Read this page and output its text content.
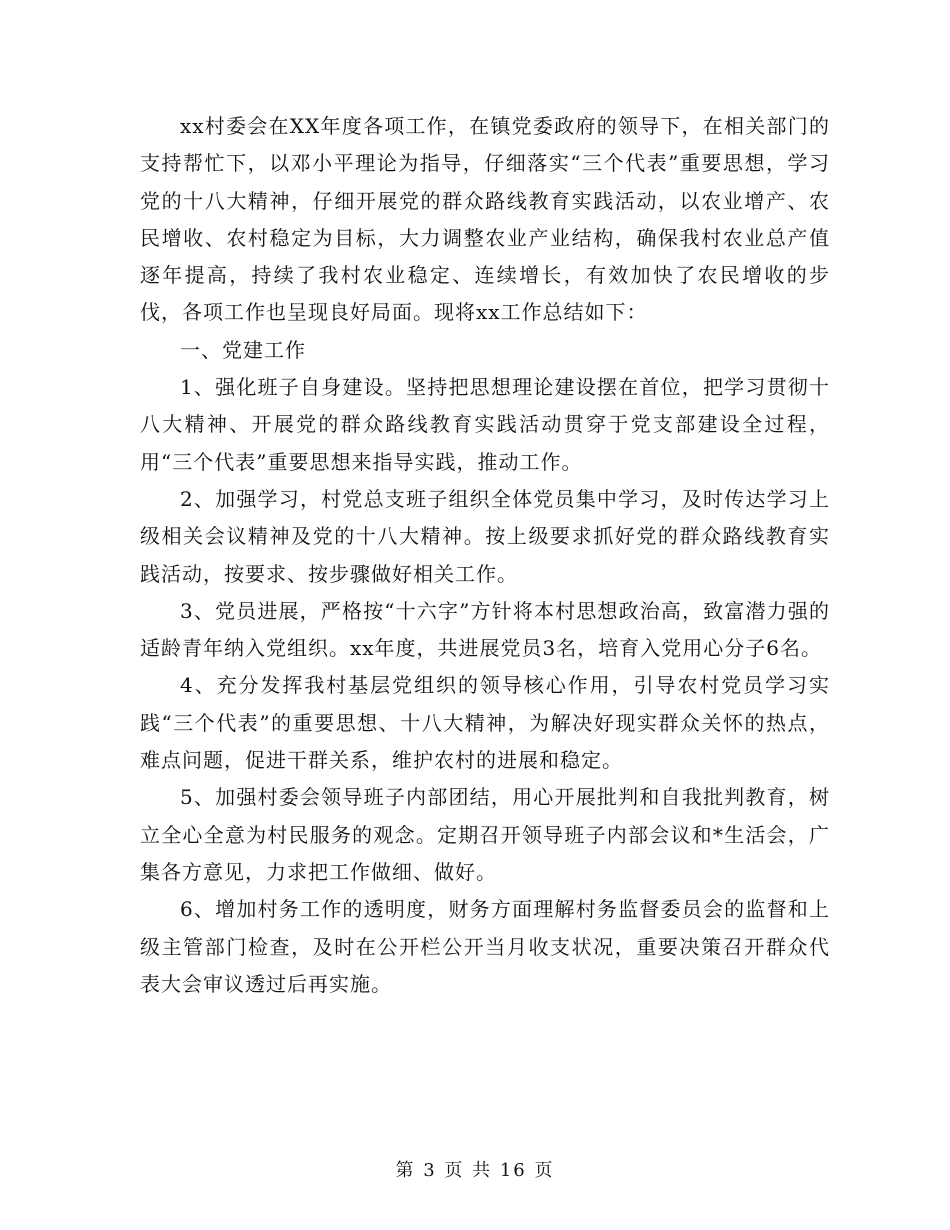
xx村委会在XX年度各项工作，在镇党委政府的领导下，在相关部门的支持帮忙下，以邓小平理论为指导，仔细落实“三个代表”重要思想，学习党的十八大精神，仔细开展党的群众路线教育实践活动，以农业增产、农民增收、农村稳定为目标，大力调整农业产业结构，确保我村农业总产值逐年提高，持续了我村农业稳定、连续增长，有效加快了农民增收的步伐，各项工作也呈现良好局面。现将xx工作总结如下：

一、党建工作

1、强化班子自身建设。坚持把思想理论建设摆在首位，把学习贯彻十八大精神、开展党的群众路线教育实践活动贯穿于党支部建设全过程，用“三个代表”重要思想来指导实践，推动工作。

2、加强学习，村党总支班子组织全体党员集中学习，及时传达学习上级相关会议精神及党的十八大精神。按上级要求抓好党的群众路线教育实践活动，按要求、按步骤做好相关工作。

3、党员进展，严格按“十六字”方针将本村思想政治高，致富潜力强的适龄青年纳入党组织。xx年度，共进展党员3名，培育入党用心分子6名。

4、充分发挥我村基层党组织的领导核心作用，引导农村党员学习实践“三个代表”的重要思想、十八大精神，为解决好现实群众关怀的热点，难点问题，促进干群关系，维护农村的进展和稳定。

5、加强村委会领导班子内部团结，用心开展批判和自我批判教育，树立全心全意为村民服务的观念。定期召开领导班子内部会议和*生活会，广集各方意见，力求把工作做细、做好。

6、增加村务工作的透明度，财务方面理解村务监督委员会的监督和上级主管部门检查，及时在公开栏公开当月收支状况，重要决策召开群众代表大会审议透过后再实施。

第 3 页 共 16 页
